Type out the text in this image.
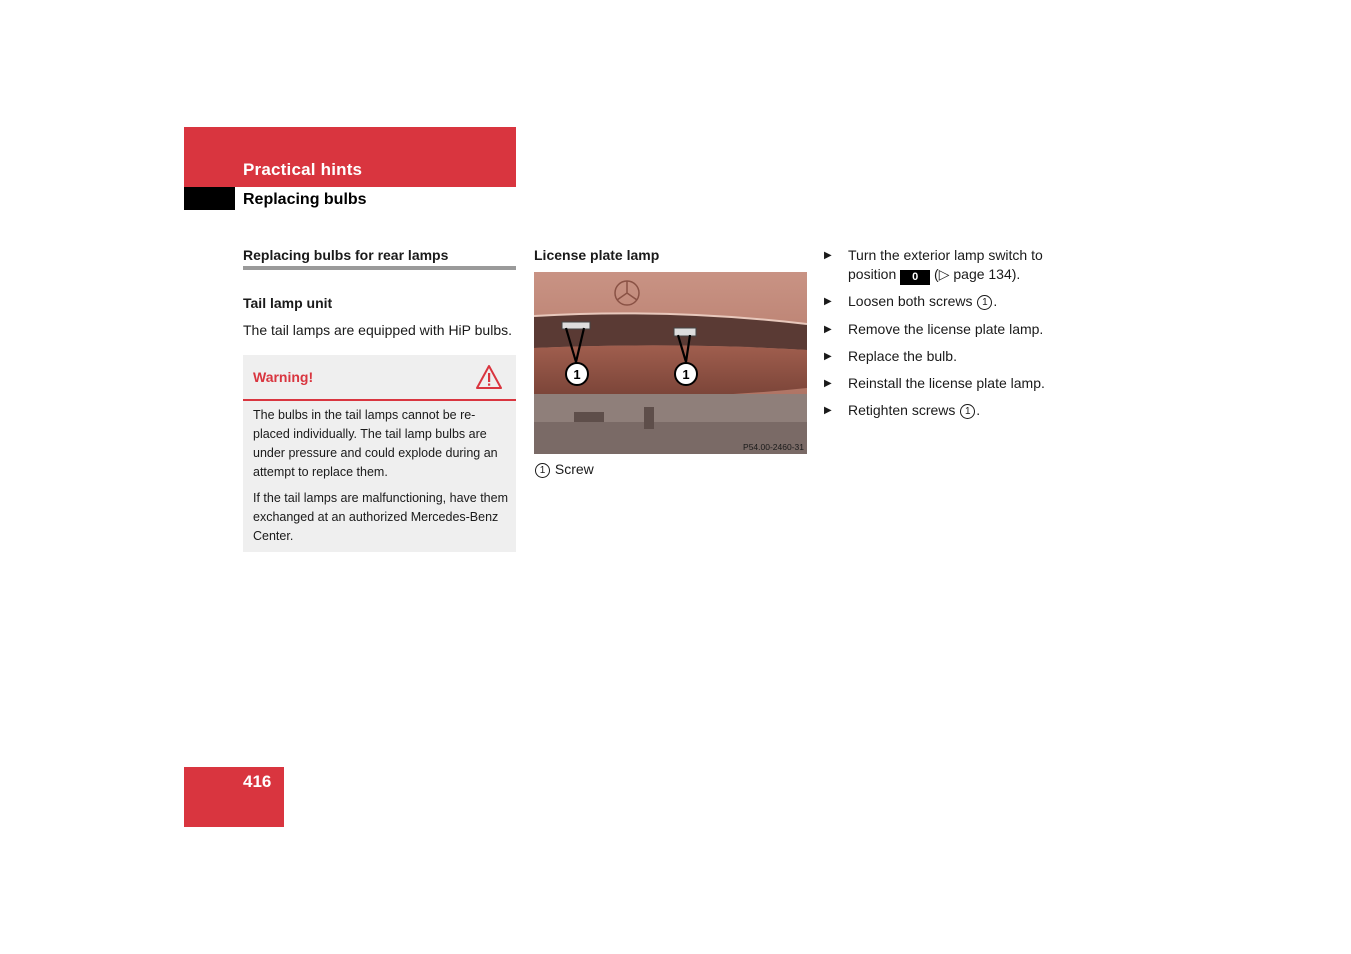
Practical hints
Replacing bulbs
Replacing bulbs for rear lamps
Tail lamp unit
The tail lamps are equipped with HiP bulbs.
Warning!

The bulbs in the tail lamps cannot be re-placed individually. The tail lamp bulbs are under pressure and could explode during an attempt to replace them.

If the tail lamps are malfunctioning, have them exchanged at an authorized Mercedes-Benz Center.

License plate lamp
1	1
P54.00-2460-31
1 Screw
▶ Turn the exterior lamp switch to position 0 (▷ page 134).
▶ Loosen both screws 1 .
▶ Remove the license plate lamp.
▶ Replace the bulb.
▶ Reinstall the license plate lamp.
▶ Retighten screws 1 .
416
